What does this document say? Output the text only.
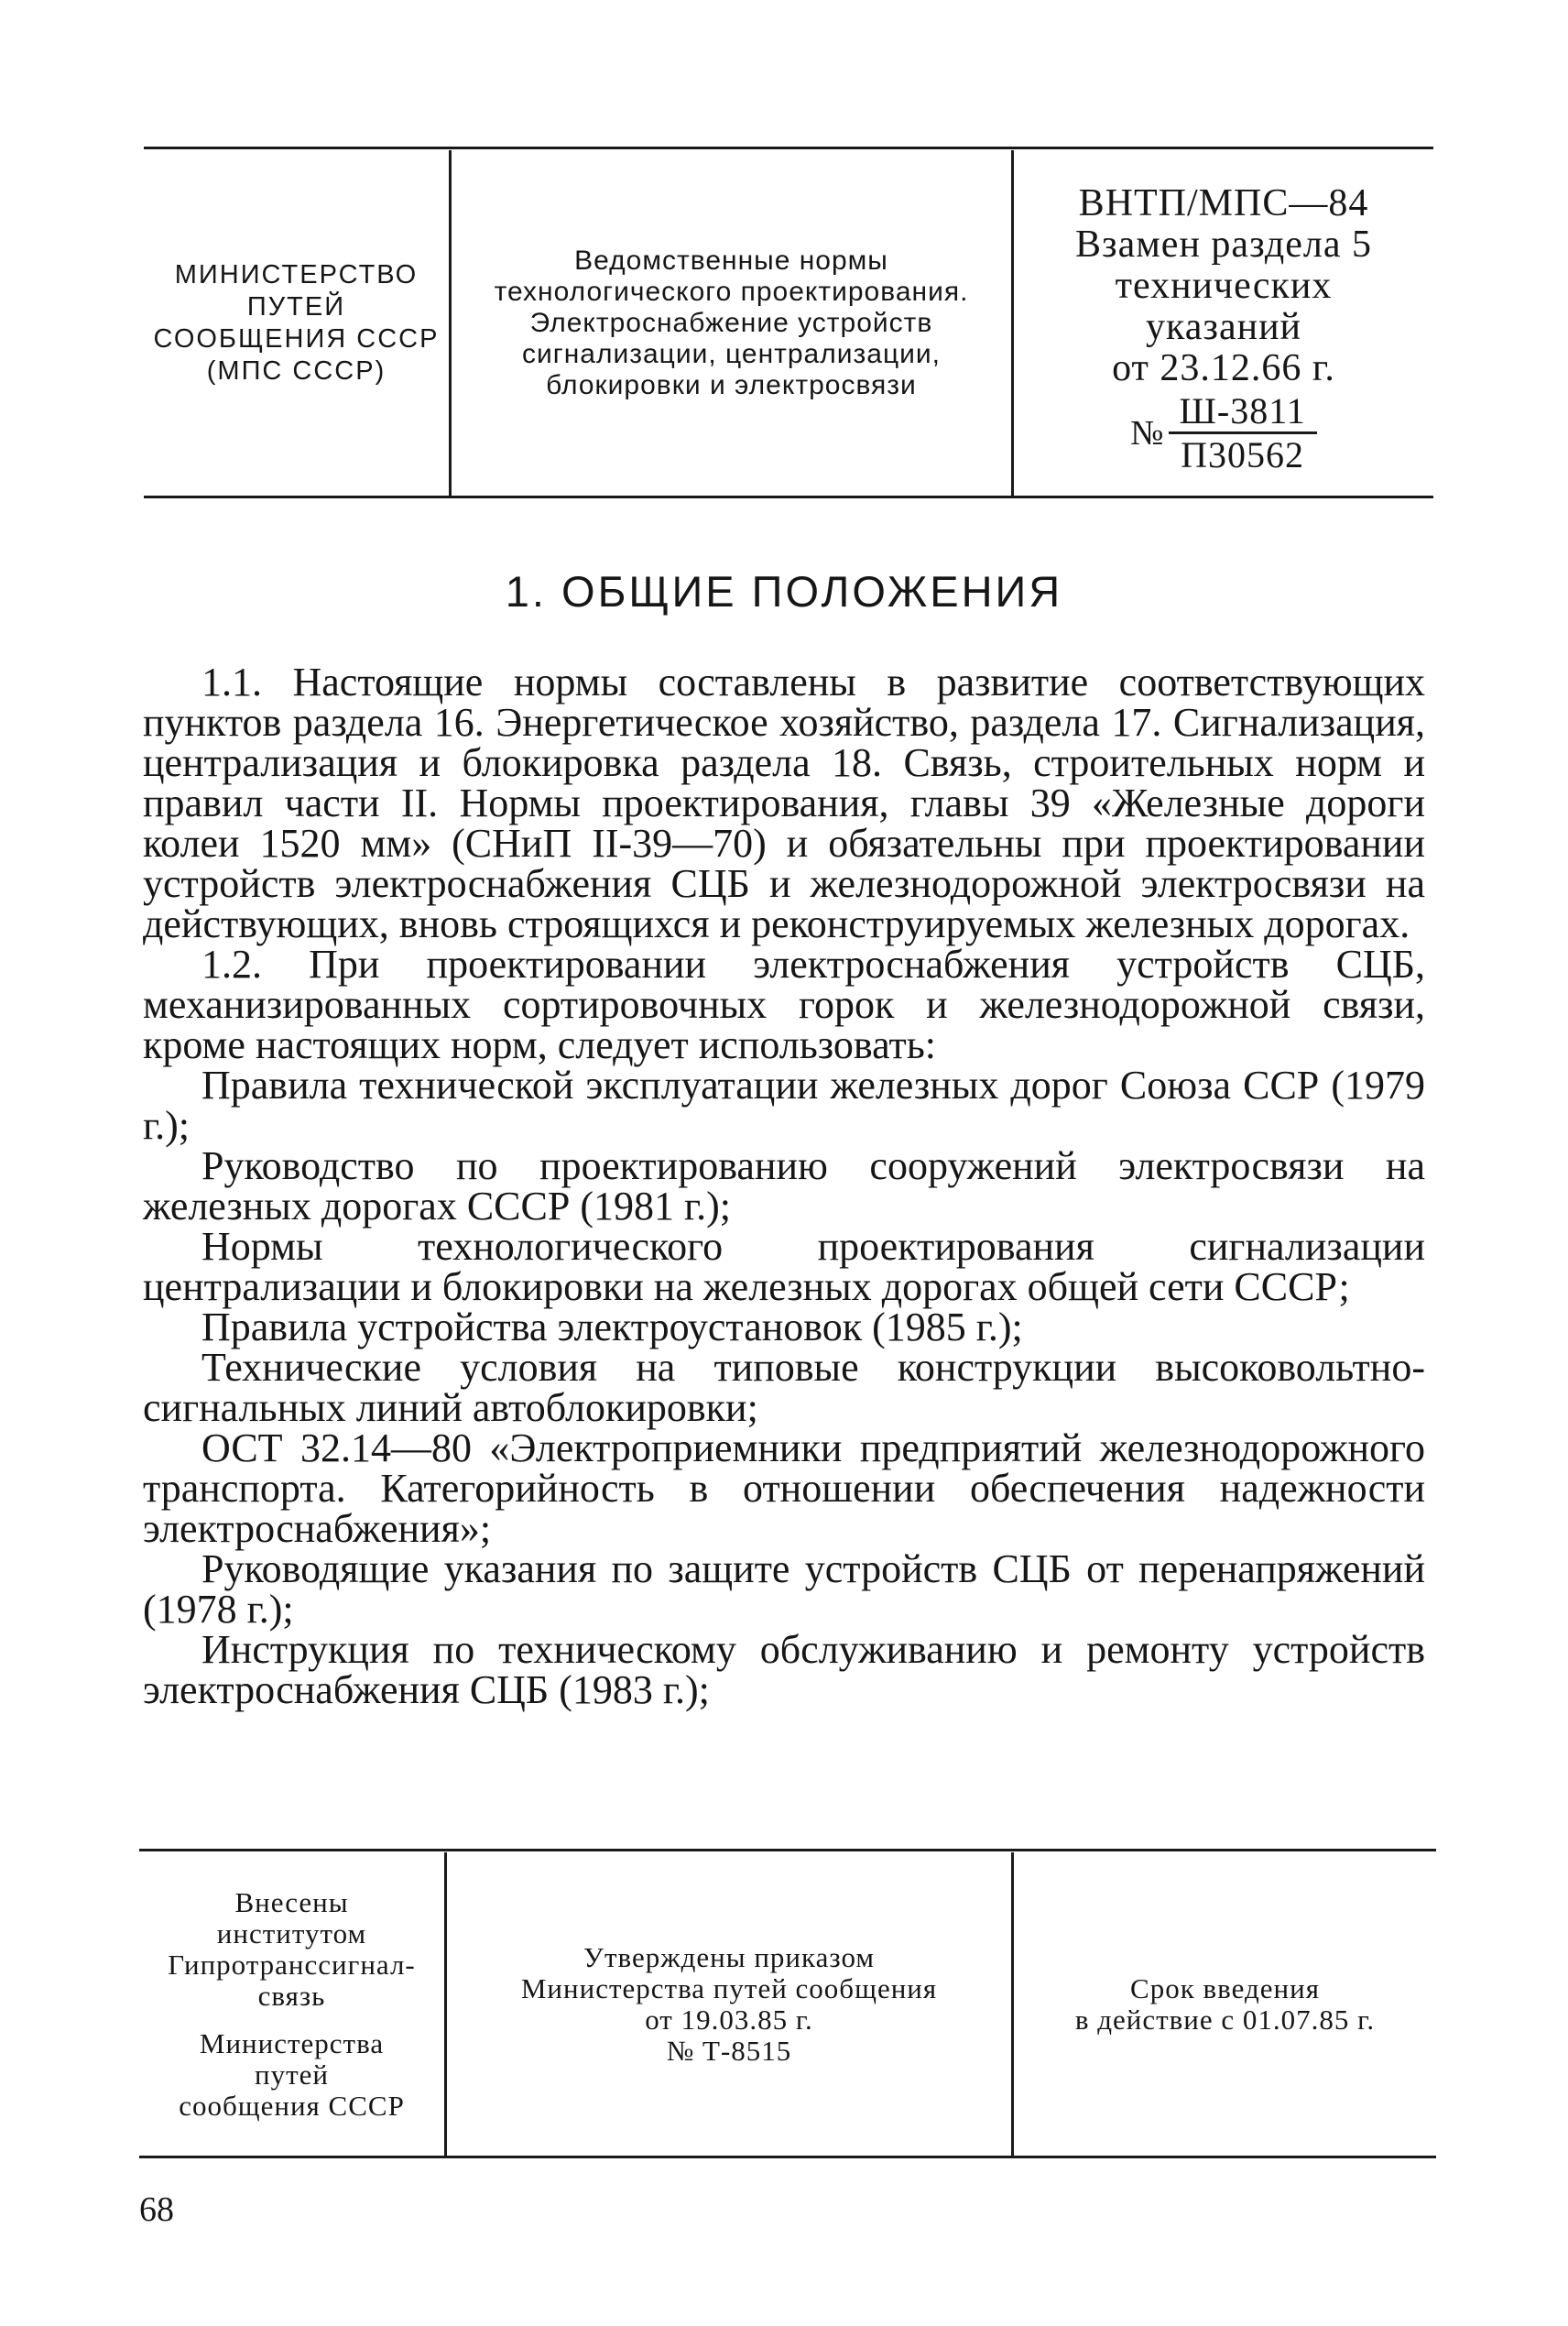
МИНИСТЕРСТВО
ПУТЕЙ
СООБЩЕНИЯ СССР
(МПС СССР)
Ведомственные нормы
технологического проектирования.
Электроснабжение устройств
сигнализации, централизации,
блокировки и электросвязи
ВНТП/МПС—84
Взамен раздела 5
технических
указаний
от 23.12.66 г.
№ $\frac{Ш-3811}{П30562}$
1. ОБЩИЕ ПОЛОЖЕНИЯ

1.1. Настоящие нормы составлены в развитие соответствующих пунктов раздела 16. Энергетическое хозяйство, раздела 17. Сигнализация, централизация и блокировка раздела 18. Связь, строительных норм и правил части II. Нормы проектирования, главы 39 «Железные дороги колеи 1520 мм» (СНиП II-39—70) и обязательны при проектировании устройств электроснабжения СЦБ и железнодорожной электросвязи на действующих, вновь строящихся и реконструируемых железных дорогах.

1.2. При проектировании электроснабжения устройств СЦБ, механизированных сортировочных горок и железнодорожной связи, кроме настоящих норм, следует использовать:

Правила технической эксплуатации железных дорог Союза ССР (1979 г.);

Руководство по проектированию сооружений электросвязи на железных дорогах СССР (1981 г.);

Нормы технологического проектирования сигнализации централизации и блокировки на железных дорогах общей сети СССР;

Правила устройства электроустановок (1985 г.);

Технические условия на типовые конструкции высоковольтно-сигнальных линий автоблокировки;

ОСТ 32.14—80 «Электроприемники предприятий железнодорожного транспорта. Категорийность в отношении обеспечения надежности электроснабжения»;

Руководящие указания по защите устройств СЦБ от перенапряжений (1978 г.);

Инструкция по техническому обслуживанию и ремонту устройств электроснабжения СЦБ (1983 г.);

Внесены
институтом
Гипротранссигнал-
связь
Министерства
путей
сообщения СССР
Утверждены приказом
Министерства путей сообщения
от 19.03.85 г.
№ Т-8515
Срок введения
в действие с 01.07.85 г.
68
